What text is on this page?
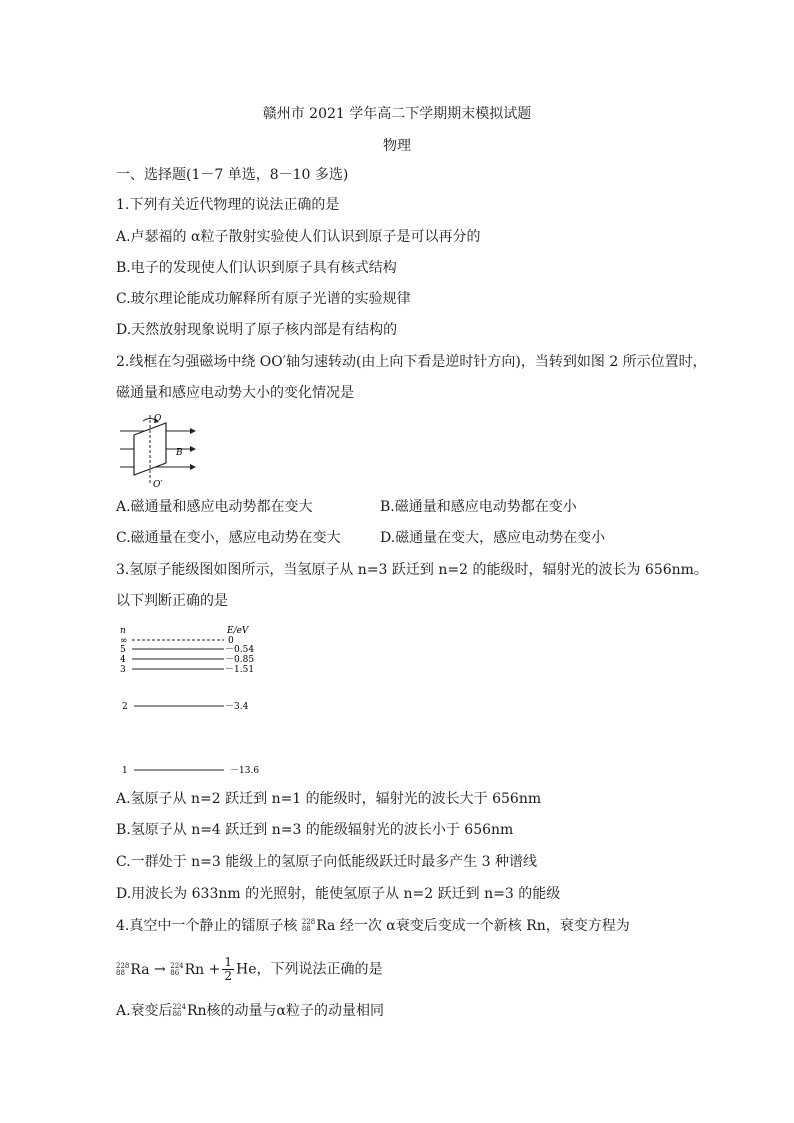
赣州市 2021 学年高二下学期期末模拟试题
物理
一、选择题(1－7 单选，8－10 多选)
1.下列有关近代物理的说法正确的是
A.卢瑟福的 α粒子散射实验使人们认识到原子是可以再分的
B.电子的发现使人们认识到原子具有核式结构
C.玻尔理论能成功解释所有原子光谱的实验规律
D.天然放射现象说明了原子核内部是有结构的
2.线框在匀强磁场中绕 OO′轴匀速转动(由上向下看是逆时针方向)，当转到如图 2 所示位置时，
磁通量和感应电动势大小的变化情况是
O
O′
B
A.磁通量和感应电动势都在变大	B.磁通量和感应电动势都在变小
C.磁通量在变小，感应电动势在变大	D.磁通量在变大，感应电动势在变小
3.氢原子能级图如图所示，当氢原子从 n=3 跃迁到 n=2 的能级时，辐射光的波长为 656nm。
以下判断正确的是
n	E/eV
∞	0
5	－0.54
4	－0.85
3	－1.51
2	－3.4
1	－13.6
A.氢原子从 n=2 跃迁到 n=1 的能级时，辐射光的波长大于 656nm
B.氢原子从 n=4 跃迁到 n=3 的能级辐射光的波长小于 656nm
C.一群处于 n=3 能级上的氢原子向低能级跃迁时最多产生 3 种谱线
D.用波长为 633nm 的光照射，能使氢原子从 n=2 跃迁到 n=3 的能级
4.真空中一个静止的镭原子核 228
88 Ra 经一次 α衰变后变成一个新核 Rn，衰变方程为
228
88 Ra → 224
86 $Rn + \frac{1}{2}$ He，下列说法正确的是
A.衰变后 224
86 Rn核的动量与α粒子的动量相同
